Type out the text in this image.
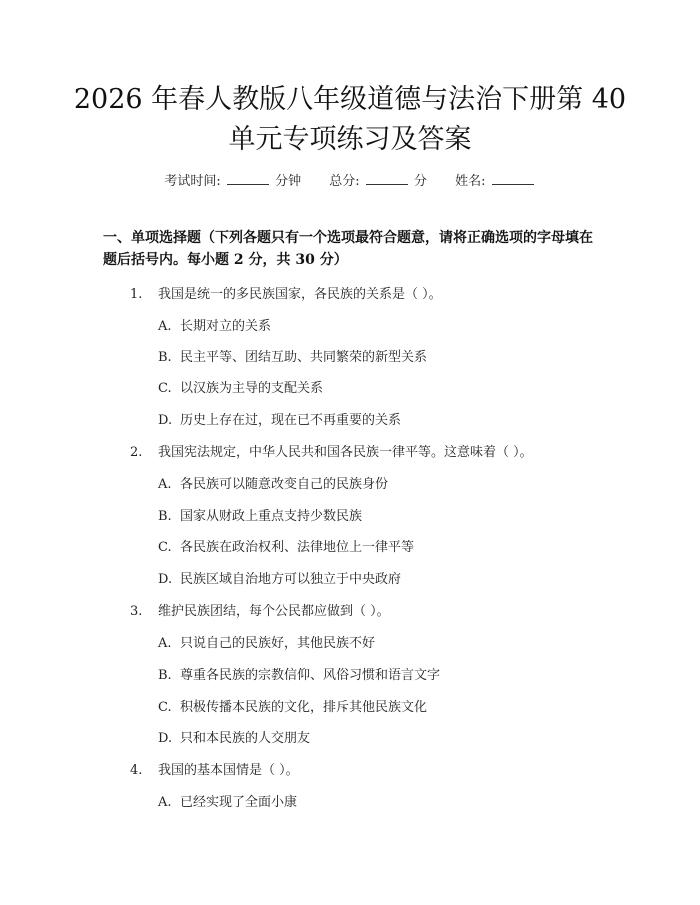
2026 年春人教版八年级道德与法治下册第 40
单元专项练习及答案
考试时间:	分钟 总分:	分 姓名:
一、单项选择题（下列各题只有一个选项最符合题意，请将正确选项的字母填在题后括号内。每小题 2 分，共 30 分）
1. 我国是统一的多民族国家，各民族的关系是（ ）。
A. 长期对立的关系
B. 民主平等、团结互助、共同繁荣的新型关系
C. 以汉族为主导的支配关系
D. 历史上存在过，现在已不再重要的关系
2. 我国宪法规定，中华人民共和国各民族一律平等。这意味着（ ）。
A. 各民族可以随意改变自己的民族身份
B. 国家从财政上重点支持少数民族
C. 各民族在政治权利、法律地位上一律平等
D. 民族区域自治地方可以独立于中央政府
3. 维护民族团结，每个公民都应做到（ ）。
A. 只说自己的民族好，其他民族不好
B. 尊重各民族的宗教信仰、风俗习惯和语言文字
C. 积极传播本民族的文化，排斥其他民族文化
D. 只和本民族的人交朋友
4. 我国的基本国情是（ ）。
A. 已经实现了全面小康
